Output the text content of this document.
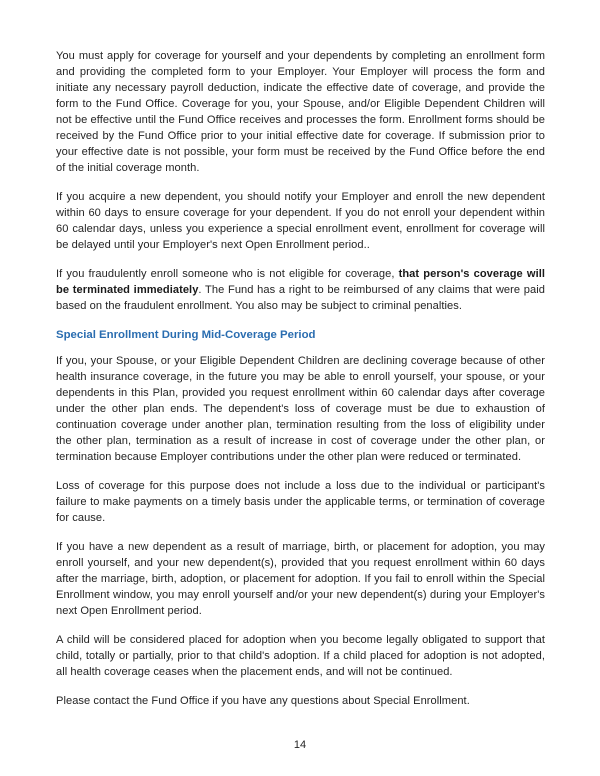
You must apply for coverage for yourself and your dependents by completing an enrollment form and providing the completed form to your Employer. Your Employer will process the form and initiate any necessary payroll deduction, indicate the effective date of coverage, and provide the form to the Fund Office. Coverage for you, your Spouse, and/or Eligible Dependent Children will not be effective until the Fund Office receives and processes the form. Enrollment forms should be received by the Fund Office prior to your initial effective date for coverage. If submission prior to your effective date is not possible, your form must be received by the Fund Office before the end of the initial coverage month.

If you acquire a new dependent, you should notify your Employer and enroll the new dependent within 60 days to ensure coverage for your dependent. If you do not enroll your dependent within 60 calendar days, unless you experience a special enrollment event, enrollment for coverage will be delayed until your Employer's next Open Enrollment period..

If you fraudulently enroll someone who is not eligible for coverage, that person's coverage will be terminated immediately. The Fund has a right to be reimbursed of any claims that were paid based on the fraudulent enrollment. You also may be subject to criminal penalties.

Special Enrollment During Mid-Coverage Period

If you, your Spouse, or your Eligible Dependent Children are declining coverage because of other health insurance coverage, in the future you may be able to enroll yourself, your spouse, or your dependents in this Plan, provided you request enrollment within 60 calendar days after coverage under the other plan ends. The dependent's loss of coverage must be due to exhaustion of continuation coverage under another plan, termination resulting from the loss of eligibility under the other plan, termination as a result of increase in cost of coverage under the other plan, or termination because Employer contributions under the other plan were reduced or terminated.

Loss of coverage for this purpose does not include a loss due to the individual or participant's failure to make payments on a timely basis under the applicable terms, or termination of coverage for cause.

If you have a new dependent as a result of marriage, birth, or placement for adoption, you may enroll yourself, and your new dependent(s), provided that you request enrollment within 60 days after the marriage, birth, adoption, or placement for adoption. If you fail to enroll within the Special Enrollment window, you may enroll yourself and/or your new dependent(s) during your Employer's next Open Enrollment period.

A child will be considered placed for adoption when you become legally obligated to support that child, totally or partially, prior to that child's adoption. If a child placed for adoption is not adopted, all health coverage ceases when the placement ends, and will not be continued.

Please contact the Fund Office if you have any questions about Special Enrollment.

14
